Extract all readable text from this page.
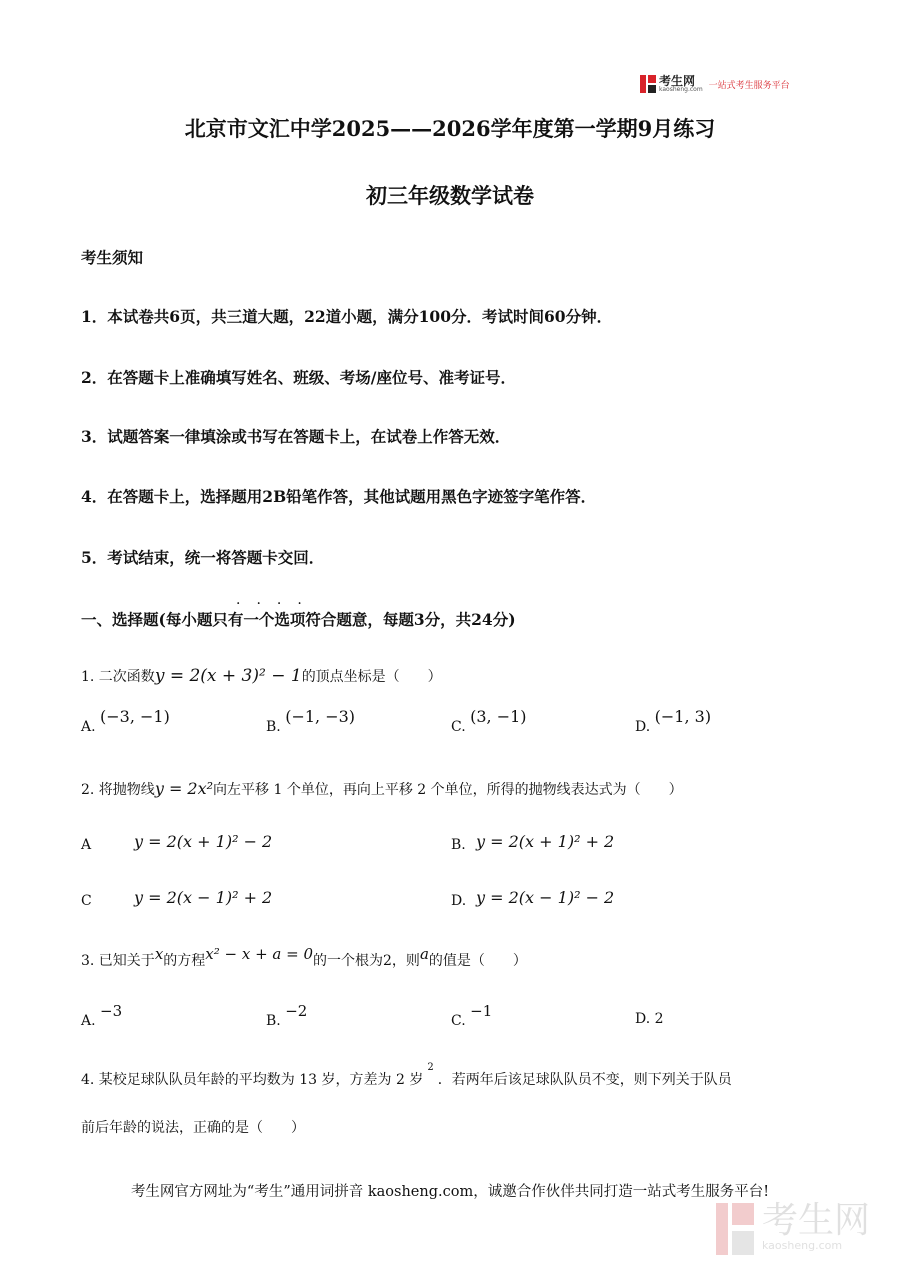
考生网
kaosheng.com 一站式考生服务平台
北京市文汇中学2025——2026学年度第一学期9月练习
初三年级数学试卷
考生须知
1．本试卷共6页，共三道大题，22道小题，满分100分．考试时间60分钟．
2．在答题卡上准确填写姓名、班级、考场/座位号、准考证号．
3．试题答案一律填涂或书写在答题卡上，在试卷上作答无效．
4．在答题卡上，选择题用2B铅笔作答，其他试题用黑色字迹签字笔作答．
5．考试结束，统一将答题卡交回．
····
一、选择题(每小题只有一个选项符合题意，每题3分，共24分)
1. 二次函数y = 2(x + 3)² − 1的顶点坐标是（　　）
A. (−3, −1)
B. (−1, −3)
C. (3, −1)
D. (−1, 3)
2. 将抛物线y = 2x²向左平移 1 个单位，再向上平移 2 个单位，所得的抛物线表达式为（　　）
A	y = 2(x + 1)² − 2	B. y = 2(x + 1)² + 2
C	y = 2(x − 1)² + 2	D. y = 2(x − 1)² − 2
3. 已知关于x的方程x² − x + a = 0的一个根为2，则a的值是（　　）
A. −3
B. −2
C. −1	D. 2
4. 某校足球队队员年龄的平均数为 13 岁，方差为 2 岁$^2$．若两年后该足球队队员不变，则下列关于队员
前后年龄的说法，正确的是（　　）
考生网官方网址为“考生”通用词拼音 kaosheng.com，诚邀合作伙伴共同打造一站式考生服务平台!
考生网
kaosheng.com
